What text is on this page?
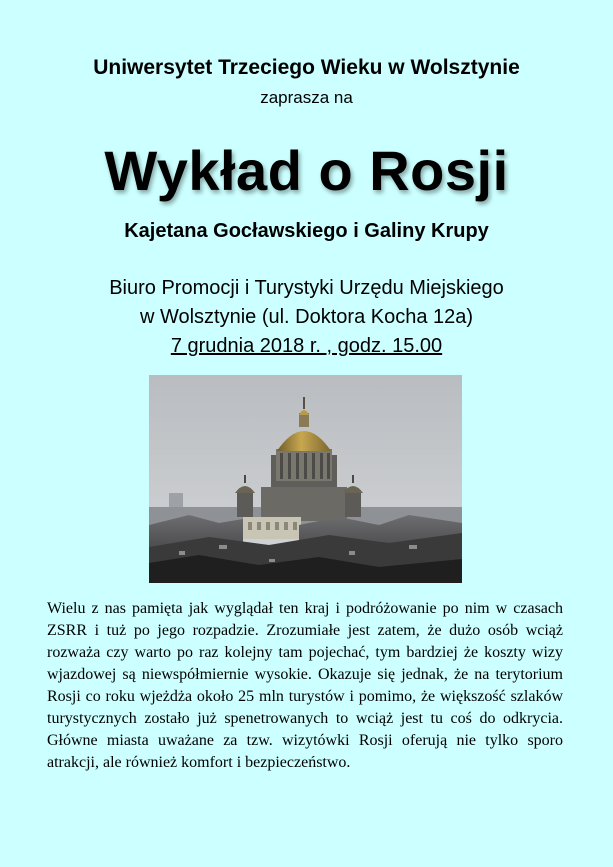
Uniwersytet Trzeciego Wieku w Wolsztynie
zaprasza na
Wykład o Rosji
Kajetana Gocławskiego i Galiny Krupy
Biuro Promocji i Turystyki Urzędu Miejskiego
w Wolsztynie (ul. Doktora Kocha 12a)
7 grudnia 2018 r. , godz. 15.00
Wielu z nas pamięta jak wyglądał ten kraj i podróżowanie po nim w czasach ZSRR i tuż po jego rozpadzie. Zrozumiałe jest zatem, że dużo osób wciąż rozważa czy warto po raz kolejny tam pojechać, tym bardziej że koszty wizy wjazdowej są niewspółmiernie wysokie. Okazuje się jednak, że na terytorium Rosji co roku wjeżdża około 25 mln turystów i pomimo, że większość szlaków turystycznych zostało już spenetrowanych to wciąż jest tu coś do odkrycia. Główne miasta uważane za tzw. wizytówki Rosji oferują nie tylko sporo atrakcji, ale również komfort i bezpieczeństwo.
